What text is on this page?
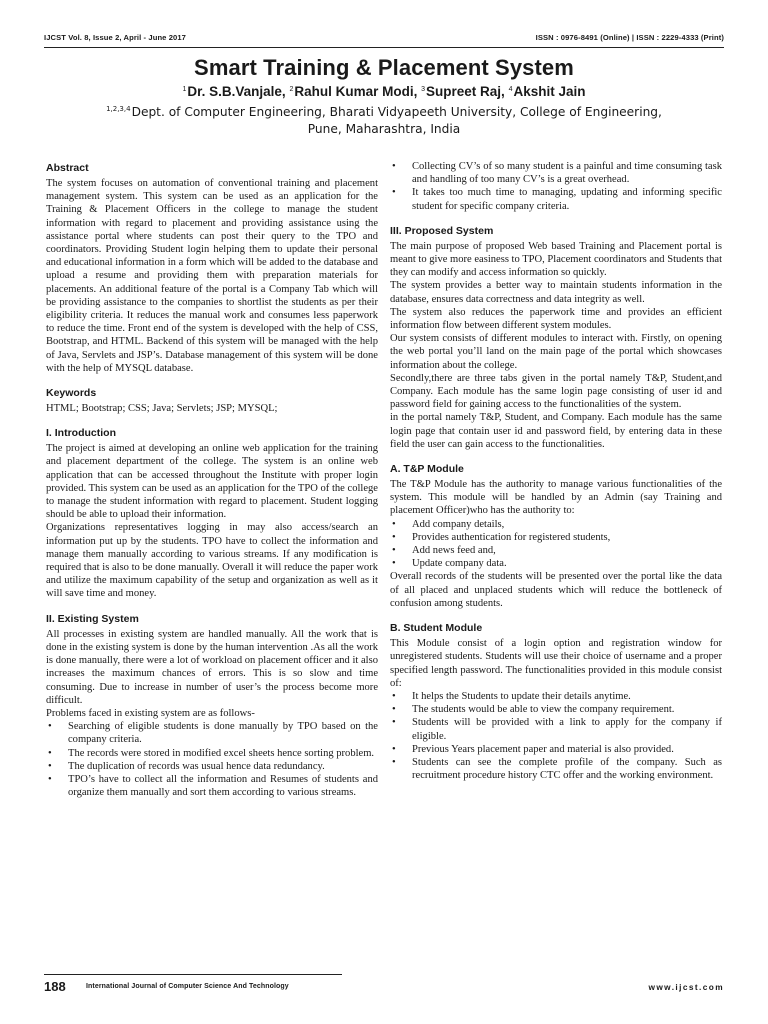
IJCST Vol. 8, Issue 2, April - June 2017	ISSN : 0976-8491 (Online) | ISSN : 2229-4333 (Print)
Smart Training & Placement System
$^1$Dr. S.B.Vanjale, $^2$Rahul Kumar Modi, $^3$Supreet Raj, $^4$Akshit Jain
$^{1,2,3,4}$Dept. of Computer Engineering, Bharati Vidyapeeth University, College of Engineering,
Pune, Maharashtra, India
Abstract

The system focuses on automation of conventional training and placement management system. This system can be used as an application for the Training & Placement Officers in the college to manage the student information with regard to placement and providing assistance using the assistance portal where students can post their query to the TPO and coordinators. Providing Student login helping them to update their personal and educational information in a form which will be added to the database and upload a resume and providing them with preparation materials for placements. An additional feature of the portal is a Company Tab which will be providing assistance to the companies to shortlist the students as per their eligibility criteria. It reduces the manual work and consumes less paperwork to reduce the time. Front end of the system is developed with the help of CSS, Bootstrap, and HTML. Backend of this system will be managed with the help of Java, Servlets and JSP’s. Database management of this system will be done with the help of MYSQL database.

Keywords

HTML; Bootstrap; CSS; Java; Servlets; JSP; MYSQL;

I. Introduction

The project is aimed at developing an online web application for the training and placement department of the college. The system is an online web application that can be accessed throughout the Institute with proper login provided. This system can be used as an application for the TPO of the college to manage the student information with regard to placement. Student logging should be able to upload their information.

Organizations representatives logging in may also access/search an information put up by the students. TPO have to collect the information and manage them manually according to various streams. If any modification is required that is also to be done manually. Overall it will reduce the paper work and utilize the maximum capability of the setup and organization as well as it will save time and money.

II. Existing System

All processes in existing system are handled manually. All the work that is done in the existing system is done by the human intervention .As all the work is done manually, there were a lot of workload on placement officer and it also increases the maximum chances of errors. This is so slow and time consuming. Due to increase in number of user’s the process become more difficult.

Problems faced in existing system are as follows-

• Searching of eligible students is done manually by TPO based on the company criteria.
• The records were stored in modified excel sheets hence sorting problem.
• The duplication of records was usual hence data redundancy.
• TPO’s have to collect all the information and Resumes of students and organize them manually and sort them according to various streams.
• Collecting CV’s of so many student is a painful and time consuming task and handling of too many CV’s is a great overhead.
• It takes too much time to managing, updating and informing specific student for specific company criteria.
III. Proposed System

The main purpose of proposed Web based Training and Placement portal is meant to give more easiness to TPO, Placement coordinators and Students that they can modify and access information so quickly.

The system provides a better way to maintain students information in the database, ensures data correctness and data integrity as well.

The system also reduces the paperwork time and provides an efficient information flow between different system modules.

Our system consists of different modules to interact with. Firstly, on opening the web portal you’ll land on the main page of the portal which showcases information about the college.

Secondly,there are three tabs given in the portal namely T&P, Student,and Company. Each module has the same login page consisting of user id and password field for gaining access to the functionalities of the system.

in the portal namely T&P, Student, and Company. Each module has the same login page that contain user id and password field, by entering data in these field the user can gain access to the functionalities.

A. T&P Module

The T&P Module has the authority to manage various functionalities of the system. This module will be handled by an Admin (say Training and placement Officer)who has the authority to:

• Add company details,
• Provides authentication for registered students,
• Add news feed and,
• Update company data.

Overall records of the students will be presented over the portal like the data of all placed and unplaced students which will reduce the bottleneck of confusion among students.

B. Student Module

This Module consist of a login option and registration window for unregistered students. Students will use their choice of username and a proper specified length password. The functionalities provided in this module consist of:

• It helps the Students to update their details anytime.
• The students would be able to view the company requirement.
• Students will be provided with a link to apply for the company if eligible.
• Previous Years placement paper and material is also provided.
• Students can see the complete profile of the company. Such as recruitment procedure history CTC offer and the working environment.
188	International Journal of Computer Science And Technology	www.ijcst.com
